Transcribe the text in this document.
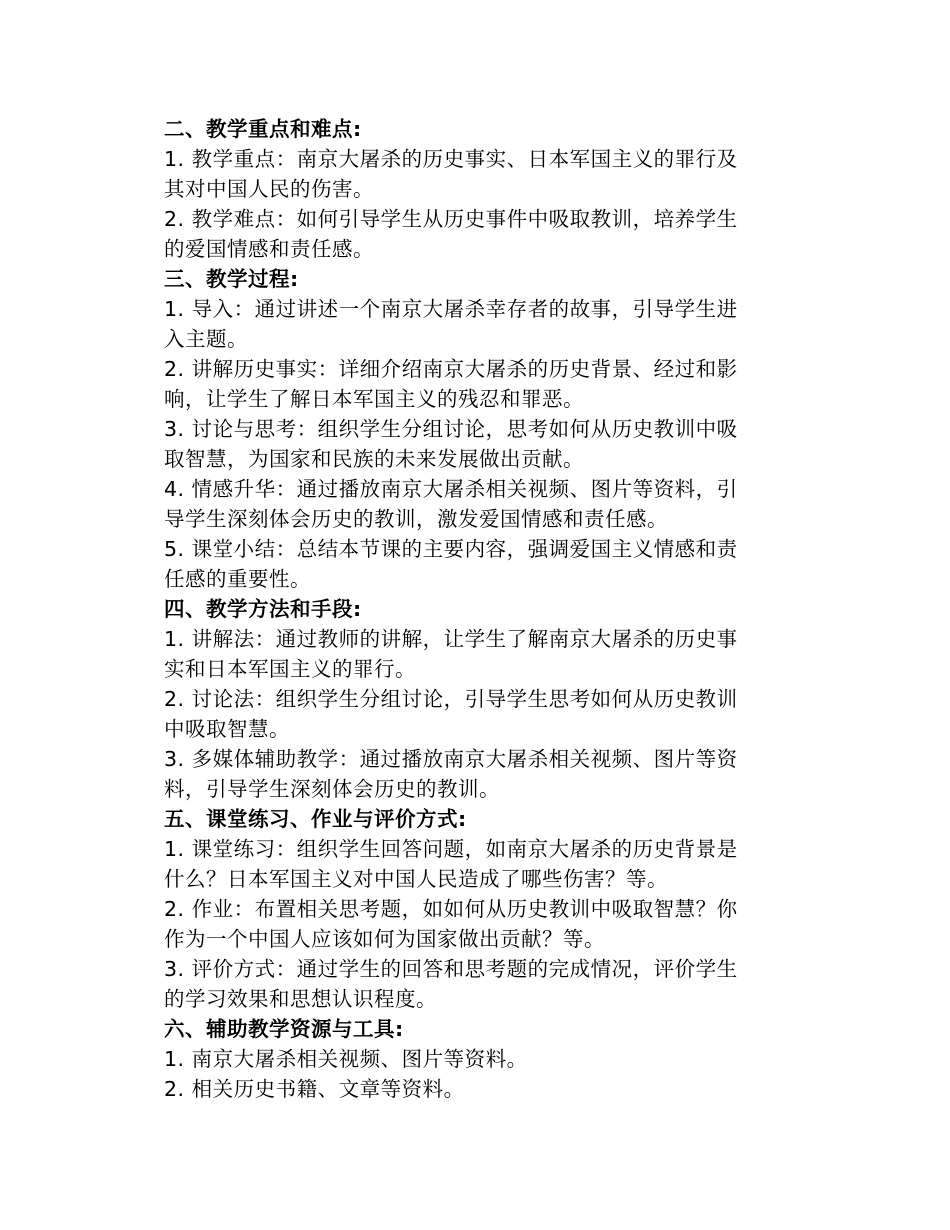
二、教学重点和难点:
1. 教学重点：南京大屠杀的历史事实、日本军国主义的罪行及
其对中国人民的伤害。
2. 教学难点：如何引导学生从历史事件中吸取教训，培养学生
的爱国情感和责任感。
三、教学过程:
1. 导入：通过讲述一个南京大屠杀幸存者的故事，引导学生进
入主题。
2. 讲解历史事实：详细介绍南京大屠杀的历史背景、经过和影
响，让学生了解日本军国主义的残忍和罪恶。
3. 讨论与思考：组织学生分组讨论，思考如何从历史教训中吸
取智慧，为国家和民族的未来发展做出贡献。
4. 情感升华：通过播放南京大屠杀相关视频、图片等资料，引
导学生深刻体会历史的教训，激发爱国情感和责任感。
5. 课堂小结：总结本节课的主要内容，强调爱国主义情感和责
任感的重要性。
四、教学方法和手段:
1. 讲解法：通过教师的讲解，让学生了解南京大屠杀的历史事
实和日本军国主义的罪行。
2. 讨论法：组织学生分组讨论，引导学生思考如何从历史教训
中吸取智慧。
3. 多媒体辅助教学：通过播放南京大屠杀相关视频、图片等资
料，引导学生深刻体会历史的教训。
五、课堂练习、作业与评价方式:
1. 课堂练习：组织学生回答问题，如南京大屠杀的历史背景是
什么？日本军国主义对中国人民造成了哪些伤害？等。
2. 作业：布置相关思考题，如如何从历史教训中吸取智慧？你
作为一个中国人应该如何为国家做出贡献？等。
3. 评价方式：通过学生的回答和思考题的完成情况，评价学生
的学习效果和思想认识程度。
六、辅助教学资源与工具:
1. 南京大屠杀相关视频、图片等资料。
2. 相关历史书籍、文章等资料。
